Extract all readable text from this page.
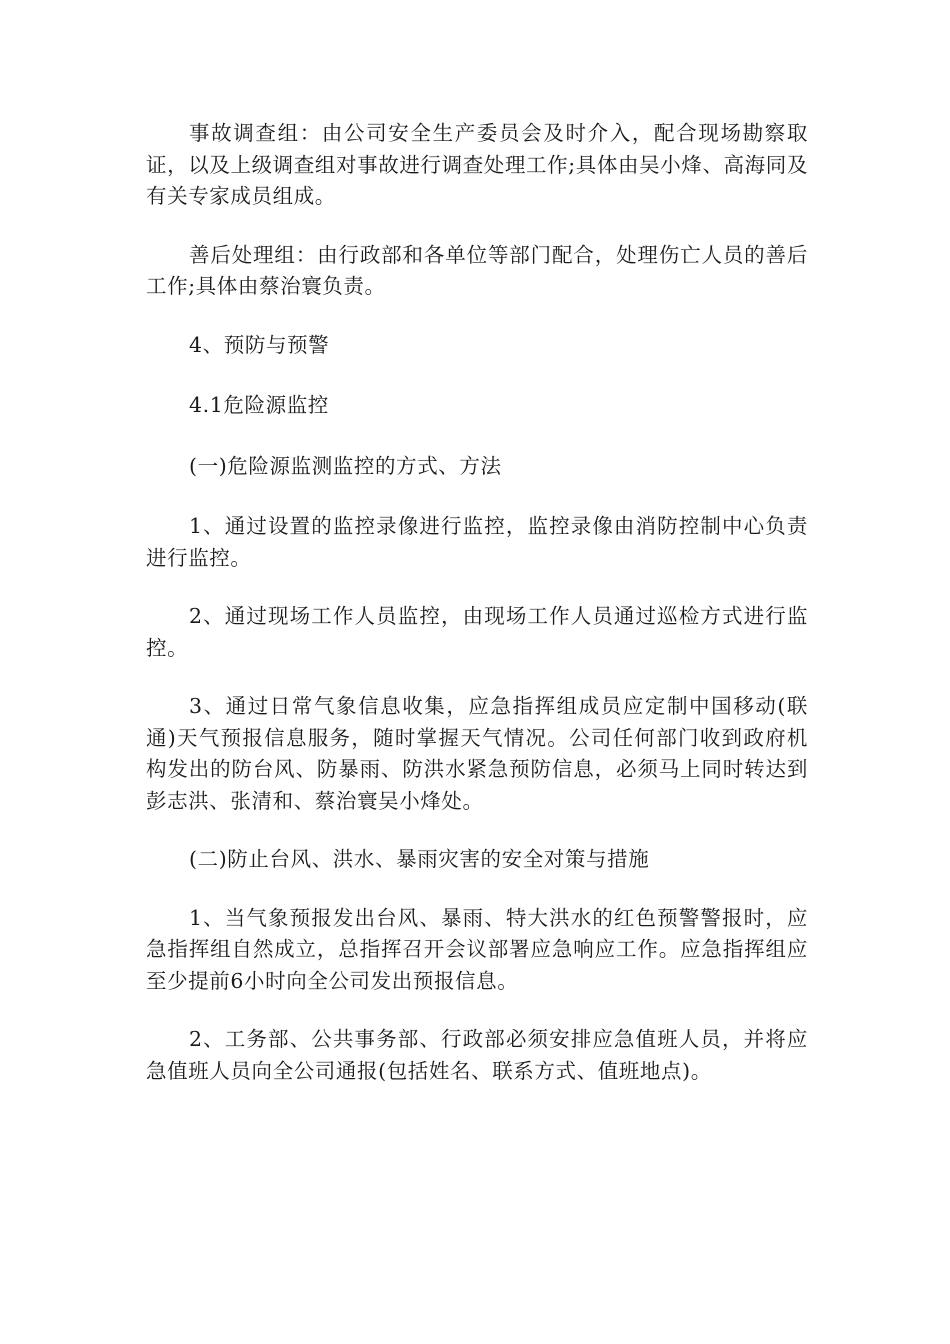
事故调查组：由公司安全生产委员会及时介入，配合现场勘察取证，以及上级调查组对事故进行调查处理工作;具体由吴小烽、高海同及有关专家成员组成。

善后处理组：由行政部和各单位等部门配合，处理伤亡人员的善后工作;具体由蔡治寰负责。

4、预防与预警

4.1危险源监控

(一)危险源监测监控的方式、方法

1、通过设置的监控录像进行监控，监控录像由消防控制中心负责进行监控。

2、通过现场工作人员监控，由现场工作人员通过巡检方式进行监控。

3、通过日常气象信息收集，应急指挥组成员应定制中国移动(联通)天气预报信息服务，随时掌握天气情况。公司任何部门收到政府机构发出的防台风、防暴雨、防洪水紧急预防信息，必须马上同时转达到彭志洪、张清和、蔡治寰吴小烽处。

(二)防止台风、洪水、暴雨灾害的安全对策与措施

1、当气象预报发出台风、暴雨、特大洪水的红色预警警报时，应急指挥组自然成立，总指挥召开会议部署应急响应工作。应急指挥组应至少提前6小时向全公司发出预报信息。

2、工务部、公共事务部、行政部必须安排应急值班人员，并将应急值班人员向全公司通报(包括姓名、联系方式、值班地点)。
